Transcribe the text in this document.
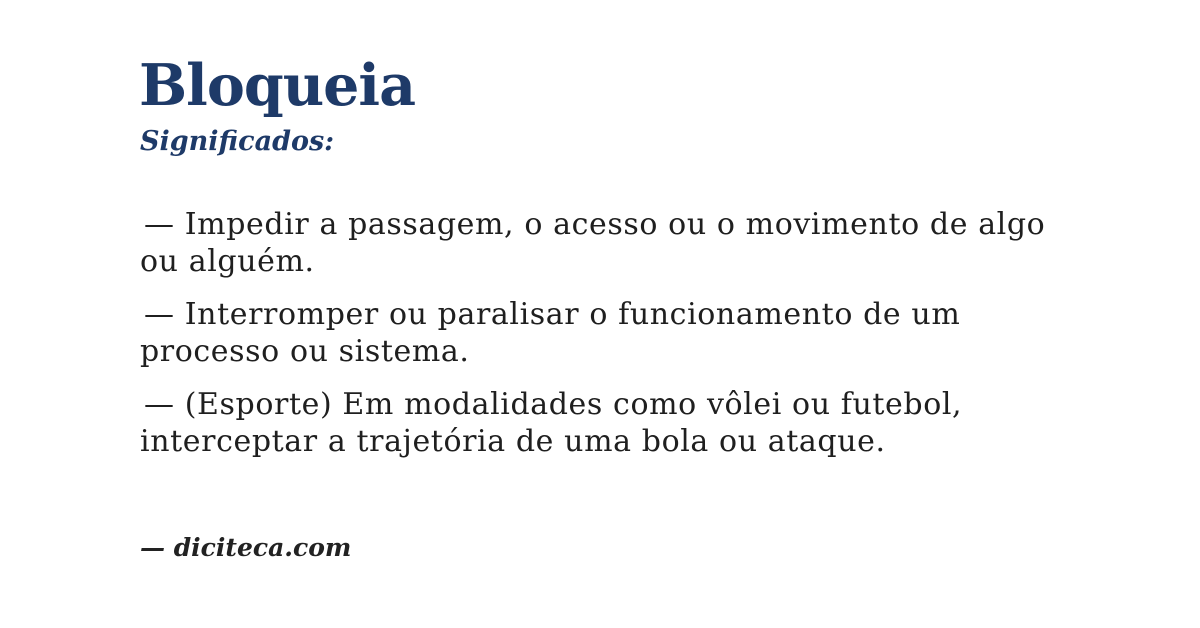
Bloqueia
Significados:
— Impedir a passagem, o acesso ou o movimento de algo
ou alguém.
— Interromper ou paralisar o funcionamento de um
processo ou sistema.
— (Esporte) Em modalidades como vôlei ou futebol,
interceptar a trajetória de uma bola ou ataque.
— diciteca.com
